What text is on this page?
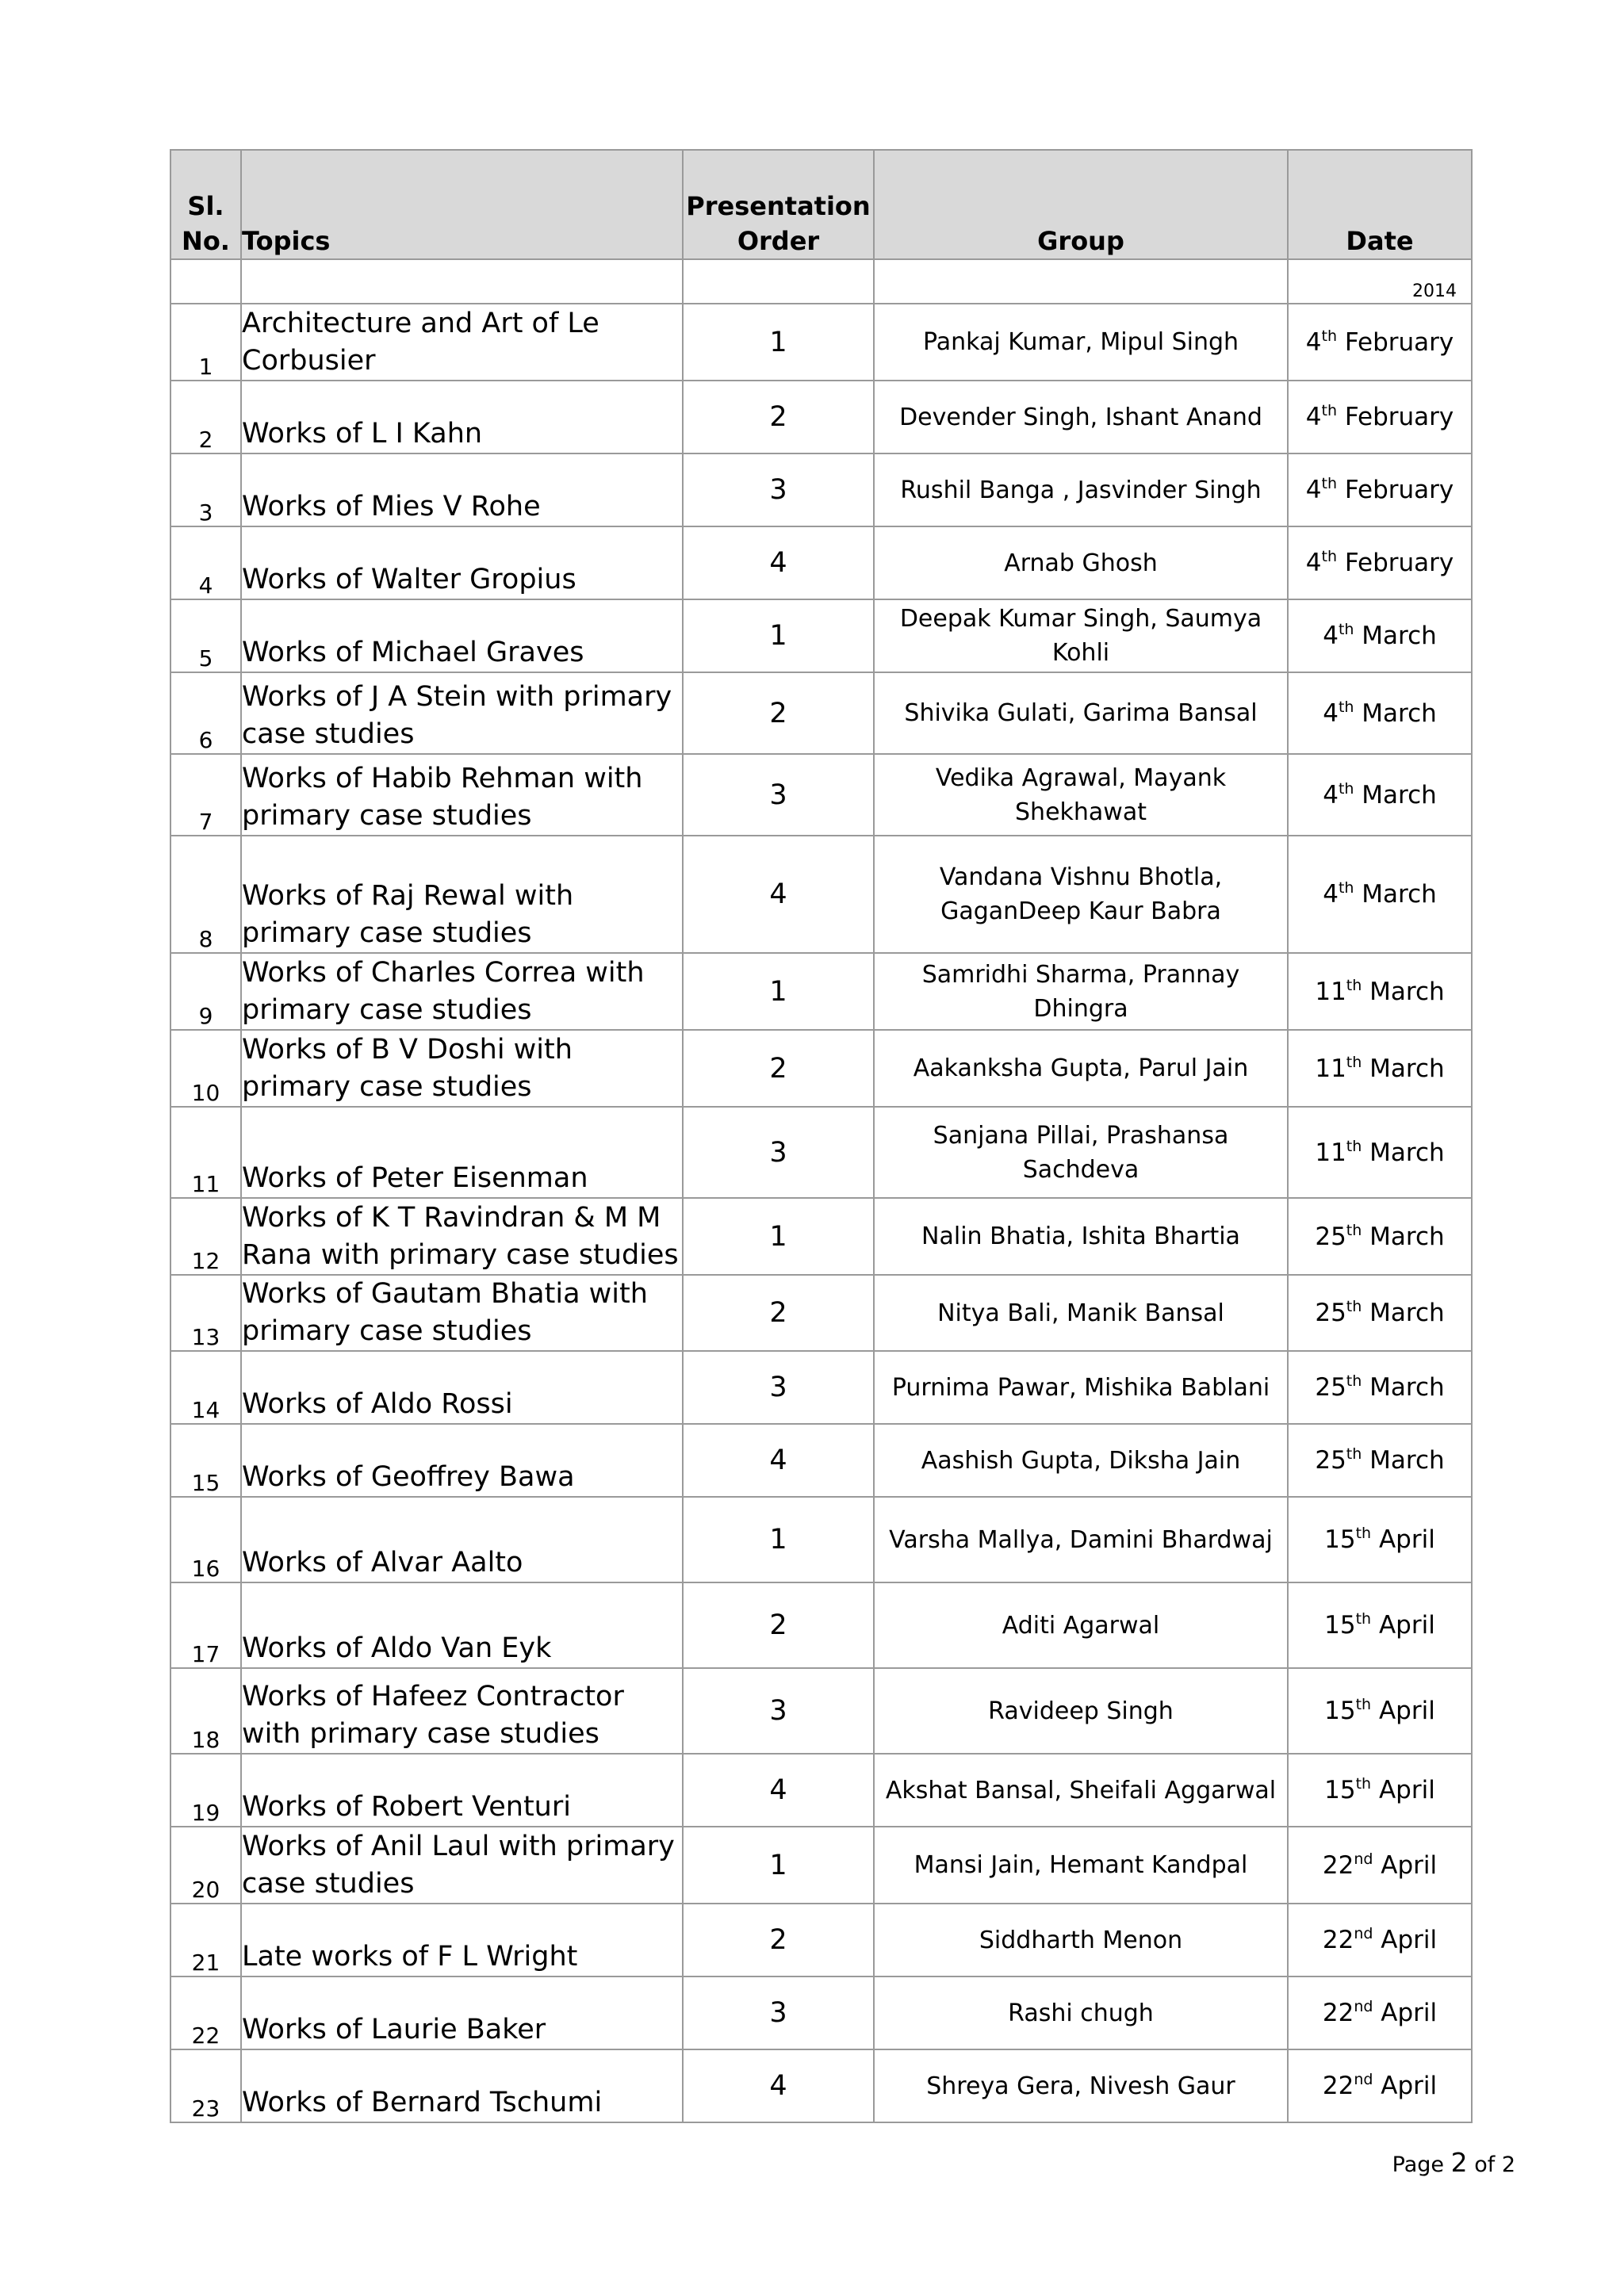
Sl. No.	Topics	Presentation Order	Group	Date
				2014
1	Architecture and Art of Le Corbusier	1	Pankaj Kumar, Mipul Singh	4th February
2	Works of L I Kahn	2	Devender Singh, Ishant Anand	4th February
3	Works of Mies V Rohe	3	Rushil Banga , Jasvinder Singh	4th February
4	Works of Walter Gropius	4	Arnab Ghosh	4th February
5	Works of Michael Graves	1	Deepak Kumar Singh, Saumya Kohli	4th March
6	Works of J A Stein with primary case studies	2	Shivika Gulati, Garima Bansal	4th March
7	Works of Habib Rehman with primary case studies	3	Vedika Agrawal, Mayank Shekhawat	4th March
8	Works of Raj Rewal with primary case studies	4	Vandana Vishnu Bhotla, GaganDeep Kaur Babra	4th March
9	Works of Charles Correa with primary case studies	1	Samridhi Sharma, Prannay Dhingra	11th March
10	Works of B V Doshi with primary case studies	2	Aakanksha Gupta, Parul Jain	11th March
11	Works of Peter Eisenman	3	Sanjana Pillai, Prashansa Sachdeva	11th March
12	Works of K T Ravindran & M M Rana with primary case studies	1	Nalin Bhatia, Ishita Bhartia	25th March
13	Works of Gautam Bhatia with primary case studies	2	Nitya Bali, Manik Bansal	25th March
14	Works of Aldo Rossi	3	Purnima Pawar, Mishika Bablani	25th March
15	Works of Geoffrey Bawa	4	Aashish Gupta, Diksha Jain	25th March
16	Works of Alvar Aalto	1	Varsha Mallya, Damini Bhardwaj	15th April
17	Works of Aldo Van Eyk	2	Aditi Agarwal	15th April
18	Works of Hafeez Contractor with primary case studies	3	Ravideep Singh	15th April
19	Works of Robert Venturi	4	Akshat Bansal, Sheifali Aggarwal	15th April
20	Works of Anil Laul with primary case studies	1	Mansi Jain, Hemant Kandpal	22nd April
21	Late works of F L Wright	2	Siddharth Menon	22nd April
22	Works of Laurie Baker	3	Rashi chugh	22nd April
23	Works of Bernard Tschumi	4	Shreya Gera, Nivesh Gaur	22nd April
Page 2 of 2
